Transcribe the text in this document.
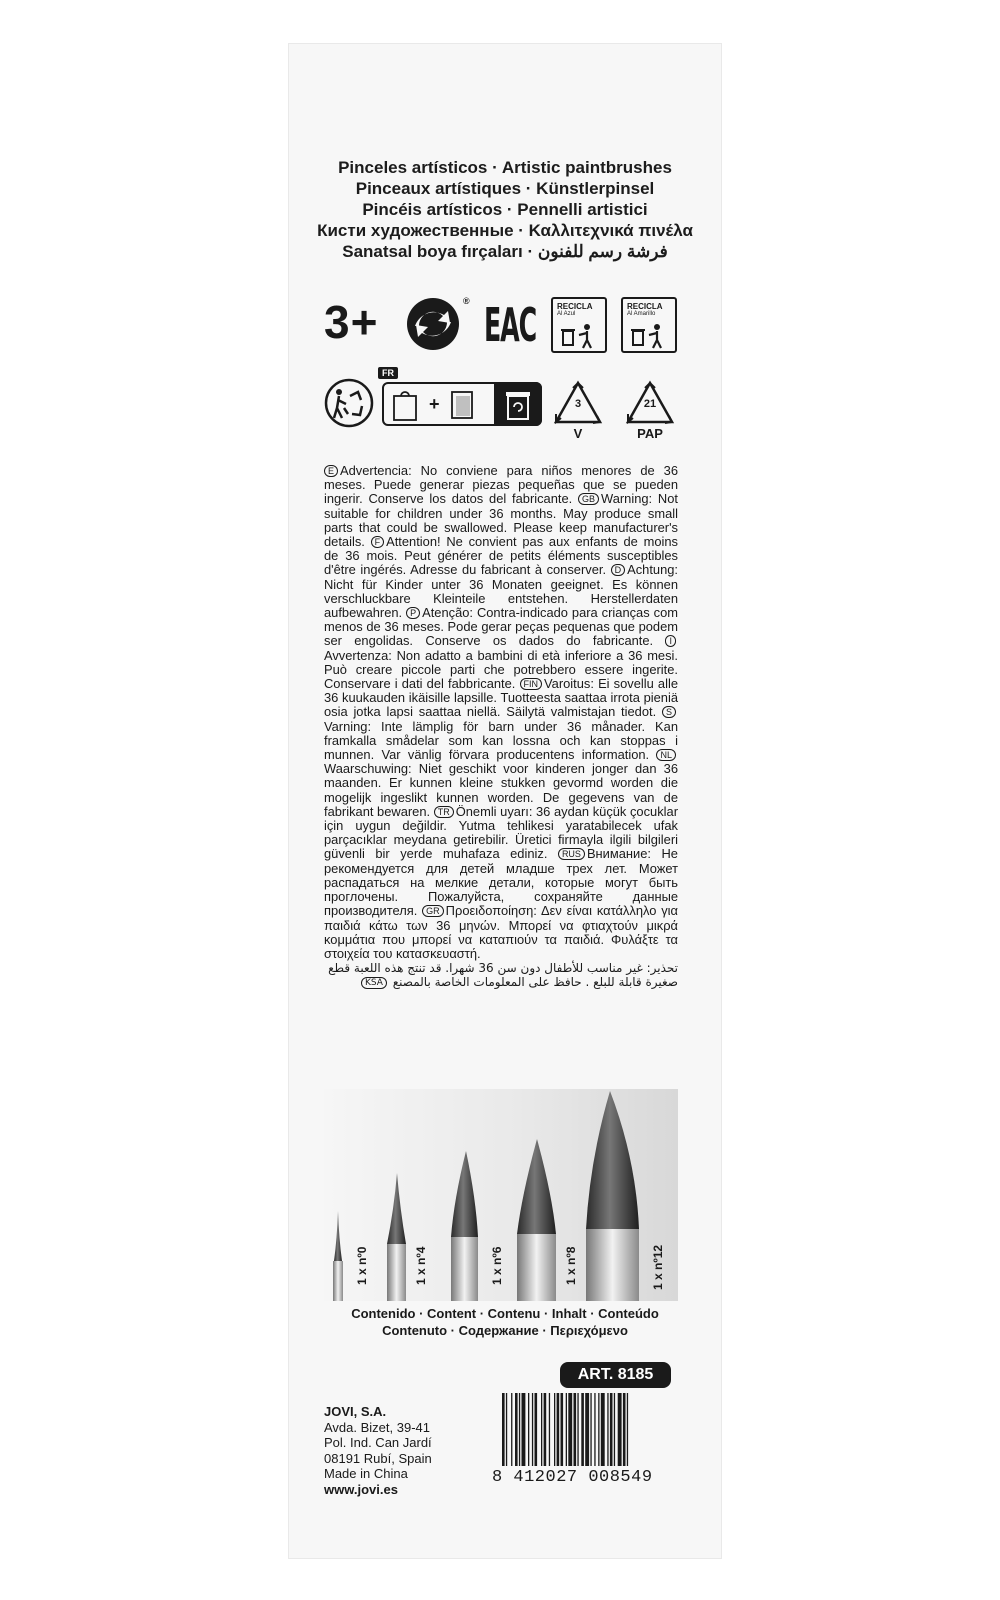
Pinceles artísticos · Artistic paintbrushes
Pinceaux artístiques · Künstlerpinsel
Pincéis artísticos · Pennelli artistici
Кисти художественные · Καλλιτεχνικά πινέλα
Sanatsal boya fırçaları · فرشة رسم للفنون
3+	® EAC	RECICLA
Al Azul
RECICLA
Al Amarillo
FR
+	3
V
21
PAP
E Advertencia: No conviene para niños menores de 36 meses. Puede generar piezas pequeñas que se pueden ingerir. Conserve los datos del fabricante. GB Warning: Not suitable for children under 36 months. May produce small parts that could be swallowed. Please keep manufacturer's details. F Attention! Ne convient pas aux enfants de moins de 36 mois. Peut générer de petits éléments susceptibles d'être ingérés. Adresse du fabricant à conserver. D Achtung: Nicht für Kinder unter 36 Monaten geeignet. Es können verschluckbare Kleinteile entstehen. Herstellerdaten aufbewahren. P Atenção: Contra-indicado para crianças com menos de 36 meses. Pode gerar peças pequenas que podem ser engolidas. Conserve os dados do fabricante. IAvvertenza: Non adatto a bambini di età inferiore a 36 mesi. Può creare piccole parti che potrebbero essere ingerite. Conservare i dati del fabbricante. FIN Varoitus: Ei sovellu alle 36 kuukauden ikäisille lapsille. Tuotteesta saattaa irrota pieniä osia jotka lapsi saattaa niellä. Säilytä valmistajan tiedot. SVarning: Inte lämplig för barn under 36 månader. Kan framkalla smådelar som kan lossna och kan stoppas i munnen. Var vänlig förvara producentens information. NLWaarschuwing: Niet geschikt voor kinderen jonger dan 36 maanden. Er kunnen kleine stukken gevormd worden die mogelijk ingeslikt kunnen worden. De gegevens van de fabrikant bewaren. TR Önemli uyarı: 36 aydan küçük çocuklar için uygun değildir. Yutma tehlikesi yaratabilecek ufak parçacıklar meydana getirebilir. Üretici firmayla ilgili bilgileri güvenli bir yerde muhafaza ediniz. RUS Внимание: Не рекомендуется для детей младше трех лет. Может распадаться на мелкие детали, которые могут быть проглочены. Пожалуйста, сохраняйте данные производителя. GR Προειδοποίηση: Δεν είναι κατάλληλο για παιδιά κάτω των 36 μηνών. Μπορεί να φτιαχτούν μικρά κομμάτια που μπορεί να καταπιούν τα παιδιά. Φυλάξτε τα στοιχεία του κατασκευαστή.
تحذير: غير مناسب للأطفال دون سن 36 شهرا. قد تنتج هذه اللعبة قطع صغيرة قابلة للبلع . حافظ على المعلومات الخاصة بالمصنع KSA
1 x nº0	1 x nº4	1 x nº6	1 x nº8	1 x nº12
Contenido · Content · Contenu · Inhalt · Conteúdo
Contenuto · Содержание · Περιεχόμενο
ART. 8185
JOVI, S.A.
Avda. Bizet, 39-41
Pol. Ind. Can Jardí
08191 Rubí, Spain
Made in China
www.jovi.es
8 412027 008549
